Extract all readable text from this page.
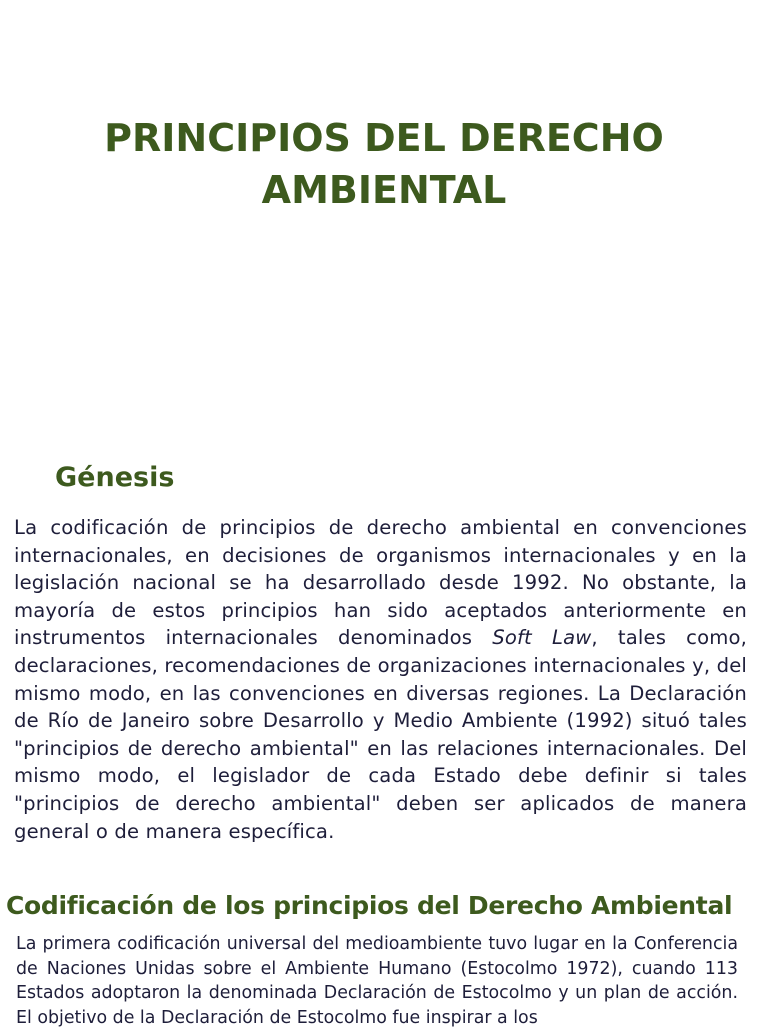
PRINCIPIOS DEL DERECHO
AMBIENTAL
Génesis

La codificación de principios de derecho ambiental en convenciones internacionales, en decisiones de organismos internacionales y en la legislación nacional se ha desarrollado desde 1992. No obstante, la mayoría de estos principios han sido aceptados anteriormente en instrumentos internacionales denominados Soft Law, tales como, declaraciones, recomendaciones de organizaciones internacionales y, del mismo modo, en las convenciones en diversas regiones. La Declaración de Río de Janeiro sobre Desarrollo y Medio Ambiente (1992) situó tales "principios de derecho ambiental" en las relaciones internacionales. Del mismo modo, el legislador de cada Estado debe definir si tales "principios de derecho ambiental" deben ser aplicados de manera general o de manera específica.

Codificación de los principios del Derecho Ambiental

La primera codificación universal del medioambiente tuvo lugar en la Conferencia de Naciones Unidas sobre el Ambiente Humano (Estocolmo 1972), cuando 113 Estados adoptaron la denominada Declaración de Estocolmo y un plan de acción. El objetivo de la Declaración de Estocolmo fue inspirar a los
